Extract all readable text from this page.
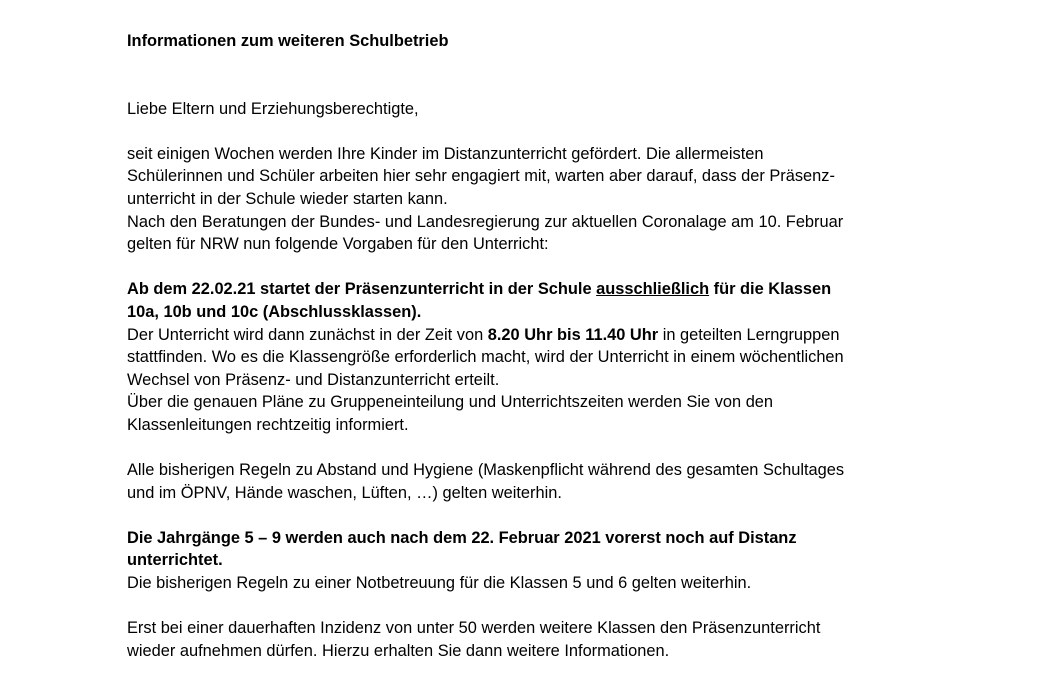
Informationen zum weiteren Schulbetrieb
Liebe Eltern und Erziehungsberechtigte,
seit einigen Wochen werden Ihre Kinder im Distanzunterricht gefördert. Die allermeisten
Schülerinnen und Schüler arbeiten hier sehr engagiert mit, warten aber darauf, dass der Präsenz-
unterricht in der Schule wieder starten kann.
Nach den Beratungen der Bundes- und Landesregierung zur aktuellen Coronalage am 10. Februar
gelten für NRW nun folgende Vorgaben für den Unterricht:
Ab dem 22.02.21 startet der Präsenzunterricht in der Schule ausschließlich für die Klassen
10a, 10b und 10c (Abschlussklassen).
Der Unterricht wird dann zunächst in der Zeit von 8.20 Uhr bis 11.40 Uhr in geteilten Lerngruppen
stattfinden. Wo es die Klassengröße erforderlich macht, wird der Unterricht in einem wöchentlichen
Wechsel von Präsenz- und Distanzunterricht erteilt.
Über die genauen Pläne zu Gruppeneinteilung und Unterrichtszeiten werden Sie von den
Klassenleitungen rechtzeitig informiert.
Alle bisherigen Regeln zu Abstand und Hygiene (Maskenpflicht während des gesamten Schultages
und im ÖPNV, Hände waschen, Lüften, …) gelten weiterhin.
Die Jahrgänge 5 – 9 werden auch nach dem 22. Februar 2021 vorerst noch auf Distanz
unterrichtet.
Die bisherigen Regeln zu einer Notbetreuung für die Klassen 5 und 6 gelten weiterhin.
Erst bei einer dauerhaften Inzidenz von unter 50 werden weitere Klassen den Präsenzunterricht
wieder aufnehmen dürfen. Hierzu erhalten Sie dann weitere Informationen.
